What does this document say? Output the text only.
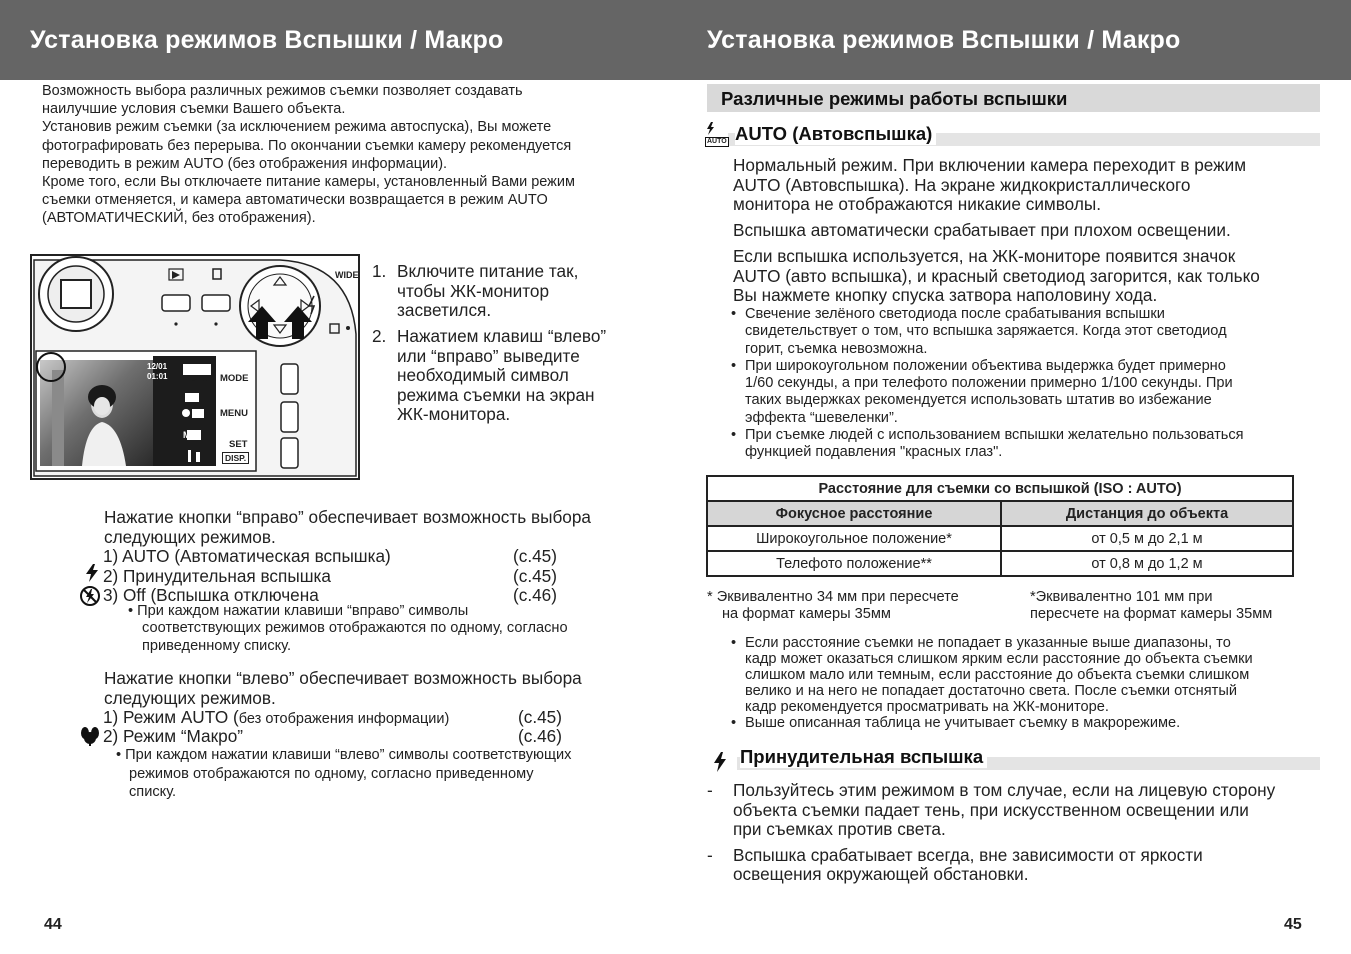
Установка режимов Вспышки / Макро	Установка режимов Вспышки / Макро
Возможность выбора различных режимов съемки позволяет создавать
наилучшие условия съемки Вашего объекта.
Установив режим съемки (за исключением режима автоспуска), Вы можете
фотографировать без перерыва. По окончании съемки камеру рекомендуется
переводить в режим AUTO (без отображения информации).
Кроме того, если Вы отключаете питание камеры, установленный Вами режим
съемки отменяется, и камера автоматически возвращается в режим AUTO
(АВТОМАТИЧЕСКИЙ, без отображения).
WIDE
MODE
MENU
SET
DISP.
AUTO
12/01
01:01
M
1. Включите питание так,
чтобы ЖК-монитор
засветился.
2. Нажатием клавиш “влево”
или “вправо” выведите
необходимый символ
режима съемки на экран
ЖК-монитора.
Нажатие кнопки “вправо” обеспечивает возможность выбора
следующих режимов.
1) AUTO (Автоматическая вспышка)	(c.45)
2) Принудительная вспышка	(c.45)
3) Off (Вспышка отключена	(c.46)
• При каждом нажатии клавиши “вправо” символы
соответствующих режимов отображаются по одному, согласно
приведенному списку.
Нажатие кнопки “влево” обеспечивает возможность выбора
следующих режимов.
1) Режим AUTO (без отображения информации)	(c.45)
2) Режим “Макро”	(c.46)
• При каждом нажатии клавиши “влево” символы соответствующих
режимов отображаются по одному, согласно приведенному
списку.
44
Различные режимы работы вспышки
AUTO AUTO (Автовспышка)
Нормальный режим. При включении камера переходит в режим
AUTO (Автовспышка). На экране жидкокристаллического
монитора не отображаются никакие символы.
Вспышка автоматически срабатывает при плохом освещении.
Если вспышка используется, на ЖК-мониторе появится значок
AUTO (авто вспышка), и красный светодиод загорится, как только
Вы нажмете кнопку спуска затвора наполовину хода.
• Свечение зелёного светодиода после срабатывания вспышки
свидетельствует о том, что вспышка заряжается. Когда этот светодиод
горит, съемка невозможна.
• При широкоугольном положении объектива выдержка будет примерно
1/60 секунды, а при телефото положении примерно 1/100 секунды. При
таких выдержках рекомендуется использовать штатив во избежание
эффекта “шевеленки”.
• При съемке людей с использованием вспышки желательно пользоваться
функцией подавления "красных глаз".
Расстояние для съемки со вспышкой (ISO : AUTO)	
Фокусное расстояние	Дистанция до объекта
Широкоугольное положение*	от 0,5 м до 2,1 м
Телефото положение**	от 0,8 м до 1,2 м
* Эквивалентно 34 мм при пересчете
на формат камеры 35мм
*Эквивалентно 101 мм при
пересчете на формат камеры 35мм
• Если расстояние съемки не попадает в указанные выше диапазоны, то
кадр может оказаться слишком ярким если расстояние до объекта съемки
слишком мало или темным, если расстояние до объекта съемки слишком
велико и на него не попадает достаточно света. После съемки отснятый
кадр рекомендуется просматривать на ЖК-мониторе.
• Выше описанная таблица не учитывает съемку в макрорежиме.
Принудительная вспышка
- Пользуйтесь этим режимом в том случае, если на лицевую сторону
объекта съемки падает тень, при искусственном освещении или
при съемках против света.
- Вспышка срабатывает всегда, вне зависимости от яркости
освещения окружающей обстановки.
45
